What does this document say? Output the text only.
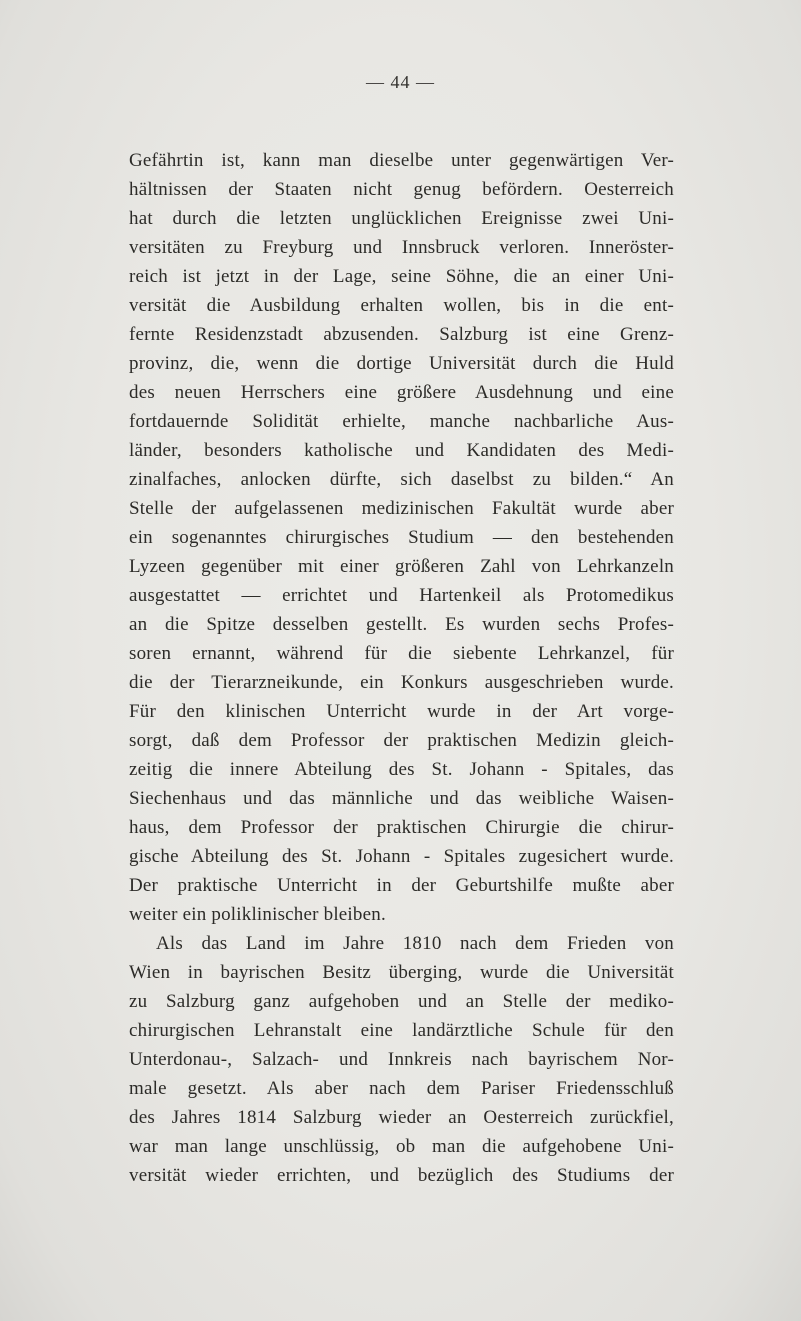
— 44 —
Gefährtin ist, kann man dieselbe unter gegenwärtigen Ver-
hältnissen der Staaten nicht genug befördern. Oesterreich
hat durch die letzten unglücklichen Ereignisse zwei Uni-
versitäten zu Freyburg und Innsbruck verloren. Inneröster-
reich ist jetzt in der Lage, seine Söhne, die an einer Uni-
versität die Ausbildung erhalten wollen, bis in die ent-
fernte Residenzstadt abzusenden. Salzburg ist eine Grenz-
provinz, die, wenn die dortige Universität durch die Huld
des neuen Herrschers eine größere Ausdehnung und eine
fortdauernde Solidität erhielte, manche nachbarliche Aus-
länder, besonders katholische und Kandidaten des Medi-
zinalfaches, anlocken dürfte, sich daselbst zu bilden.“ An
Stelle der aufgelassenen medizinischen Fakultät wurde aber
ein sogenanntes chirurgisches Studium — den bestehenden
Lyzeen gegenüber mit einer größeren Zahl von Lehrkanzeln
ausgestattet — errichtet und Hartenkeil als Protomedikus
an die Spitze desselben gestellt. Es wurden sechs Profes-
soren ernannt, während für die siebente Lehrkanzel, für
die der Tierarzneikunde, ein Konkurs ausgeschrieben wurde.
Für den klinischen Unterricht wurde in der Art vorge-
sorgt, daß dem Professor der praktischen Medizin gleich-
zeitig die innere Abteilung des St. Johann - Spitales, das
Siechenhaus und das männliche und das weibliche Waisen-
haus, dem Professor der praktischen Chirurgie die chirur-
gische Abteilung des St. Johann - Spitales zugesichert wurde.
Der praktische Unterricht in der Geburtshilfe mußte aber
weiter ein poliklinischer bleiben.
Als das Land im Jahre 1810 nach dem Frieden von
Wien in bayrischen Besitz überging, wurde die Universität
zu Salzburg ganz aufgehoben und an Stelle der mediko-
chirurgischen Lehranstalt eine landärztliche Schule für den
Unterdonau-, Salzach- und Innkreis nach bayrischem Nor-
male gesetzt. Als aber nach dem Pariser Friedensschluß
des Jahres 1814 Salzburg wieder an Oesterreich zurückfiel,
war man lange unschlüssig, ob man die aufgehobene Uni-
versität wieder errichten, und bezüglich des Studiums der
